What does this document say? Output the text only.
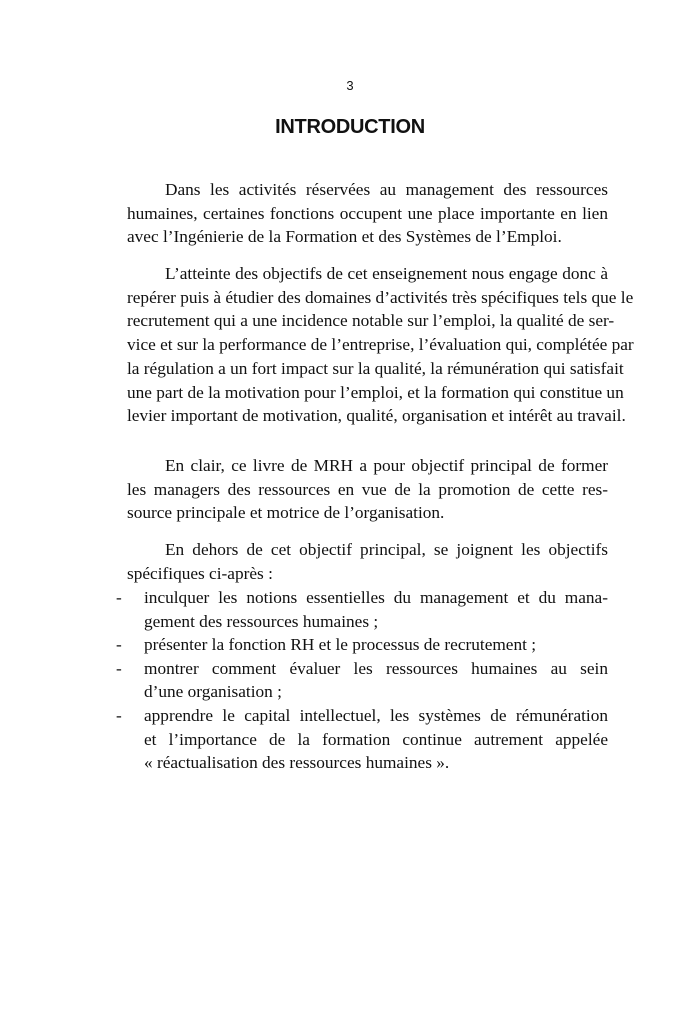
3
INTRODUCTION
Dans les activités réservées au management des ressources
humaines, certaines fonctions occupent une place importante en lien
avec l’Ingénierie de la Formation et des Systèmes de l’Emploi.
L’atteinte des objectifs de cet enseignement nous engage donc à
repérer puis à étudier des domaines d’activités très spécifiques tels que le
recrutement qui a une incidence notable sur l’emploi, la qualité de ser-
vice et sur la performance de l’entreprise, l’évaluation qui, complétée par
la régulation a un fort impact sur la qualité, la rémunération qui satisfait
une part de la motivation pour l’emploi, et la formation qui constitue un
levier important de motivation, qualité, organisation et intérêt au travail.
En clair, ce livre de MRH a pour objectif principal de former
les managers des ressources en vue de la promotion de cette res-
source principale et motrice de l’organisation.
En dehors de cet objectif principal, se joignent les objectifs
spécifiques ci-après :
- inculquer les notions essentielles du management et du mana-
gement des ressources humaines ;
- présenter la fonction RH et le processus de recrutement ;
- montrer comment évaluer les ressources humaines au sein
d’une organisation ;
- apprendre le capital intellectuel, les systèmes de rémunération
et l’importance de la formation continue autrement appelée
« réactualisation des ressources humaines ».
